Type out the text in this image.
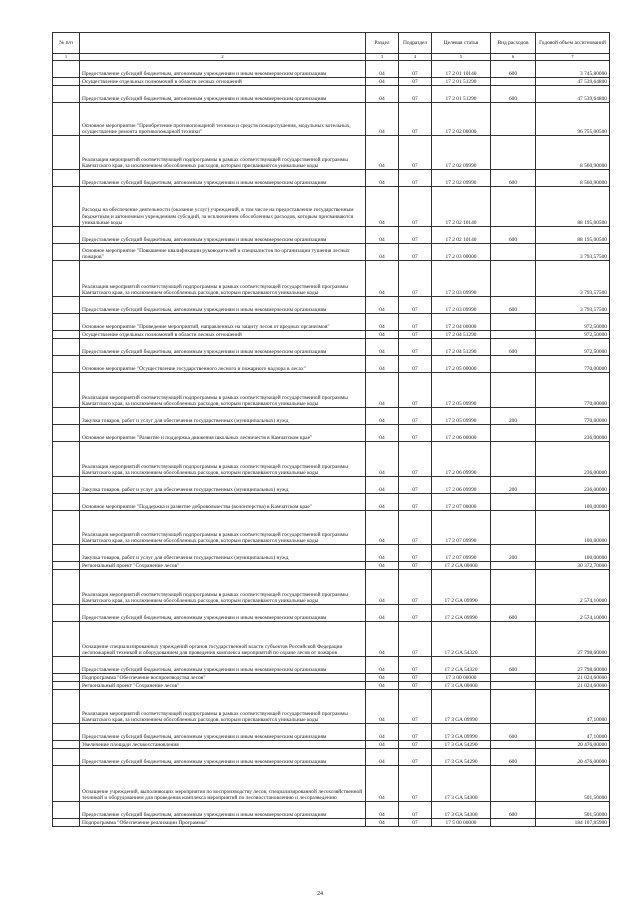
№ п/п		Раздел	Подраздел	Целевая статья	Вид расходов	Годовой объем ассигнований
1	2	3	4	5	6	7
	Предоставление субсидий бюджетным, автономным учреждениям и иным некоммерческим организациям	04	07	17 2 01 10140	600	3 745,80000
	Осуществление отдельных полномочий в области лесных отношений	04	07	17 2 01 51290		47 539,64800
	Предоставление субсидий бюджетным, автономным учреждениям и иным некоммерческим организациям	04	07	17 2 01 51290	600	47 539,64800
	Основное мероприятие "Приобретение противопожарной техники и средств пожаротушения, модульных котельных, осуществление ремонта противопожарной техники"	04	07	17 2 02 00000		96 755,00500
	Реализация мероприятий соответствующей подпрограммы в рамках соответствующей государственной программы Камчатского края, за исключением обособленных расходов, которым присваиваются уникальные коды	04	07	17 2 02 09990		8 560,90000
	Предоставление субсидий бюджетным, автономным учреждениям и иным некоммерческим организациям	04	07	17 2 02 09990	600	8 560,90000
	Расходы на обеспечение деятельности (оказание услуг) учреждений, в том числе на предоставление государственным бюджетным и автономным учреждениям субсидий, за исключением обособленных расходов, которым присваиваются уникальные коды	04	07	17 2 02 10140		88 195,00500
	Предоставление субсидий бюджетным, автономным учреждениям и иным некоммерческим организациям	04	07	17 2 02 10140	600	88 195,00500
	Основное мероприятие "Повышение квалификации руководителей и специалистов по организации тушения лесных пожаров"	04	07	17 2 03 00000		3 793,57500
	Реализация мероприятий соответствующей подпрограммы в рамках соответствующей государственной программы Камчатского края, за исключением обособленных расходов, которым присваиваются уникальные коды	04	07	17 2 03 09990		3 793,57500
	Предоставление субсидий бюджетным, автономным учреждениям и иным некоммерческим организациям	04	07	17 2 03 09990	600	3 793,57500
	Основное мероприятие "Проведение мероприятий, направленных на защиту лесов от вредных организмов"	04	07	17 2 04 00000		972,50000
	Осуществление отдельных полномочий в области лесных отношений	04	07	17 2 04 51290		972,50000
	Предоставление субсидий бюджетным, автономным учреждениям и иным некоммерческим организациям	04	07	17 2 04 51290	600	972,50000
	Основное мероприятие "Осуществление государственного лесного и пожарного надзора в лесах"	04	07	17 2 05 00000		770,00000
	Реализация мероприятий соответствующей подпрограммы в рамках соответствующей государственной программы Камчатского края, за исключением обособленных расходов, которым присваиваются уникальные коды	04	07	17 2 05 09990		770,00000
	Закупка товаров, работ и услуг для обеспечения государственных (муниципальных) нужд	04	07	17 2 05 09990	200	770,00000
	Основное мероприятие "Развитие и поддержка движения школьных лесничеств в Камчатском крае"	04	07	17 2 06 00000		236,00000
	Реализация мероприятий соответствующей подпрограммы в рамках соответствующей государственной программы Камчатского края, за исключением обособленных расходов, которым присваиваются уникальные коды	04	07	17 2 06 09990		236,00000
	Закупка товаров, работ и услуг для обеспечения государственных (муниципальных) нужд	04	07	17 2 06 09990	200	236,00000
	Основное мероприятие "Поддержка и развитие добровольчества (волонтерства) в Камчатском крае"	04	07	17 2 07 00000		100,00000
	Реализация мероприятий соответствующей подпрограммы в рамках соответствующей государственной программы Камчатского края, за исключением обособленных расходов, которым присваиваются уникальные коды	04	07	17 2 07 09990		100,00000
	Закупка товаров, работ и услуг для обеспечения государственных (муниципальных) нужд	04	07	17 2 07 09990	200	100,00000
	Региональный проект "Сохранение лесов"	04	07	17 2 GA 00000		30 372,70000
	Реализация мероприятий соответствующей подпрограммы в рамках соответствующей государственной программы Камчатского края, за исключением обособленных расходов, которым присваиваются уникальные коды	04	07	17 2 GA 09990		2 574,10000
	Предоставление субсидий бюджетным, автономным учреждениям и иным некоммерческим организациям	04	07	17 2 GA 09990	600	2 574,10000
	Оснащение специализированных учреждений органов государственной власти субъектов Российской Федерации лесопожарной техникой и оборудованием для проведения комплекса мероприятий по охране лесов от пожаров	04	07	17 2 GA 54320		27 798,60000
	Предоставление субсидий бюджетным, автономным учреждениям и иным некоммерческим организациям	04	07	17 2 GA 54320	600	27 798,60000
	Подпрограмма "Обеспечение воспроизводства лесов"	04	07	17 3 00 00000		21 024,60000
	Региональный проект "Сохранение лесов"	04	07	17 3 GA 00000		21 024,60000
	Реализация мероприятий соответствующей подпрограммы в рамках соответствующей государственной программы Камчатского края, за исключением обособленных расходов, которым присваиваются уникальные коды	04	07	17 3 GA 09990		47,10000
	Предоставление субсидий бюджетным, автономным учреждениям и иным некоммерческим организациям	04	07	17 3 GA 09990	600	47,10000
	Увеличение площади лесовосстановления	04	07	17 3 GA 54290		20 476,00000
	Предоставление субсидий бюджетным, автономным учреждениям и иным некоммерческим организациям	04	07	17 3 GA 54290	600	20 476,00000
	Оснащение учреждений, выполняющих мероприятия по воспроизводству лесов, специализированной лесохозяйственной техникой и оборудованием для проведения комплекса мероприятий по лесовосстановлению и лесоразведению	04	07	17 3 GA 54300		501,50000
	Предоставление субсидий бюджетным, автономным учреждениям и иным некоммерческим организациям	04	07	17 3 GA 54300	600	501,50000
	Подпрограмма "Обеспечение реализации Программы"	04	07	17 5 00 00000		184 107,85900
24
